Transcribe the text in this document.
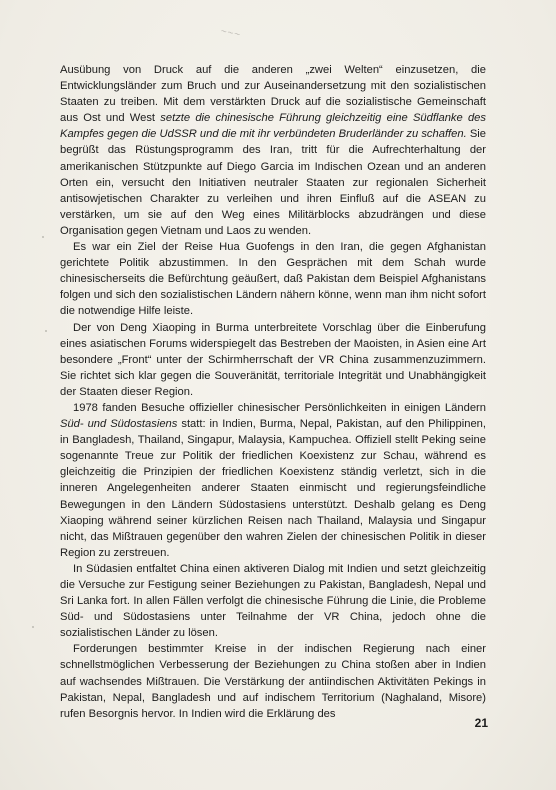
~~~

Ausübung von Druck auf die anderen „zwei Welten“ einzusetzen, die Entwicklungsländer zum Bruch und zur Auseinandersetzung mit den sozialistischen Staaten zu treiben. Mit dem verstärkten Druck auf die sozialistische Gemeinschaft aus Ost und West setzte die chinesische Führung gleichzeitig eine Südflanke des Kampfes gegen die UdSSR und die mit ihr verbündeten Bruderländer zu schaffen. Sie begrüßt das Rüstungsprogramm des Iran, tritt für die Aufrechterhaltung der amerikanischen Stützpunkte auf Diego Garcia im Indischen Ozean und an anderen Orten ein, versucht den Initiativen neutraler Staaten zur regionalen Sicherheit antisowjetischen Charakter zu verleihen und ihren Einfluß auf die ASEAN zu verstärken, um sie auf den Weg eines Militärblocks abzudrängen und diese Organisation gegen Vietnam und Laos zu wenden.

Es war ein Ziel der Reise Hua Guofengs in den Iran, die gegen Afghanistan gerichtete Politik abzustimmen. In den Gesprächen mit dem Schah wurde chinesischerseits die Befürchtung geäußert, daß Pakistan dem Beispiel Afghanistans folgen und sich den sozialistischen Ländern nähern könne, wenn man ihm nicht sofort die notwendige Hilfe leiste.

Der von Deng Xiaoping in Burma unterbreitete Vorschlag über die Einberufung eines asiatischen Forums widerspiegelt das Bestreben der Maoisten, in Asien eine Art besondere „Front“ unter der Schirmherrschaft der VR China zusammenzuzimmern. Sie richtet sich klar gegen die Souveränität, territoriale Integrität und Unabhängigkeit der Staaten dieser Region.

1978 fanden Besuche offizieller chinesischer Persönlichkeiten in einigen Ländern Süd- und Südostasiens statt: in Indien, Burma, Nepal, Pakistan, auf den Philippinen, in Bangladesh, Thailand, Singapur, Malaysia, Kampuchea. Offiziell stellt Peking seine sogenannte Treue zur Politik der friedlichen Koexistenz zur Schau, während es gleichzeitig die Prinzipien der friedlichen Koexistenz ständig verletzt, sich in die inneren Angelegenheiten anderer Staaten einmischt und regierungsfeindliche Bewegungen in den Ländern Südostasiens unterstützt. Deshalb gelang es Deng Xiaoping während seiner kürzlichen Reisen nach Thailand, Malaysia und Singapur nicht, das Mißtrauen gegenüber den wahren Zielen der chinesischen Politik in dieser Region zu zerstreuen.

In Südasien entfaltet China einen aktiveren Dialog mit Indien und setzt gleichzeitig die Versuche zur Festigung seiner Beziehungen zu Pakistan, Bangladesh, Nepal und Sri Lanka fort. In allen Fällen verfolgt die chinesische Führung die Linie, die Probleme Süd- und Südostasiens unter Teilnahme der VR China, jedoch ohne die sozialistischen Länder zu lösen.

Forderungen bestimmter Kreise in der indischen Regierung nach einer schnellstmöglichen Verbesserung der Beziehungen zu China stoßen aber in Indien auf wachsendes Mißtrauen. Die Verstärkung der antiindischen Aktivitäten Pekings in Pakistan, Nepal, Bangladesh und auf indischem Territorium (Naghaland, Misore) rufen Besorgnis hervor. In Indien wird die Erklärung des

21
